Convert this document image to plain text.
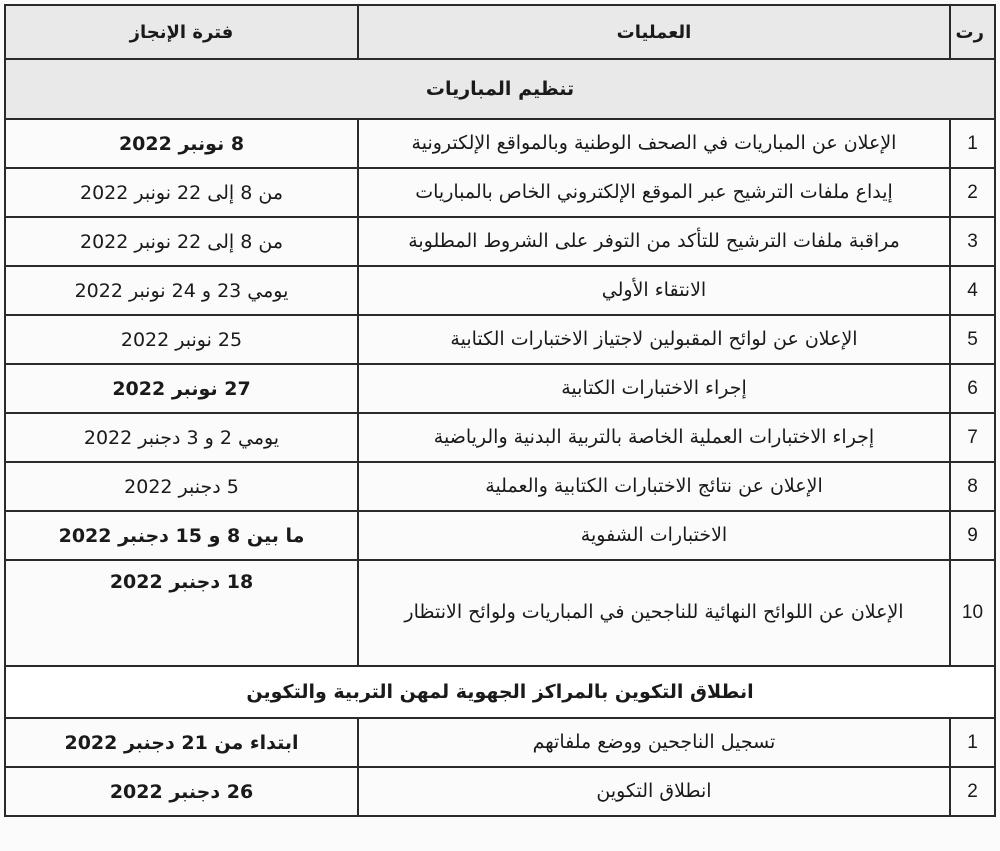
رت	العمليات	فترة الإنجاز
تنظيم المباريات		
1	الإعلان عن المباريات في الصحف الوطنية وبالمواقع الإلكترونية	8 نونبر 2022
2	إيداع ملفات الترشيح عبر الموقع الإلكتروني الخاص بالمباريات	من 8 إلى 22 نونبر 2022
3	مراقبة ملفات الترشيح للتأكد من التوفر على الشروط المطلوبة	من 8 إلى 22 نونبر 2022
4	الانتقاء الأولي	يومي 23 و 24 نونبر 2022
5	الإعلان عن لوائح المقبولين لاجتياز الاختبارات الكتابية	25 نونبر 2022
6	إجراء الاختبارات الكتابية	27 نونبر 2022
7	إجراء الاختبارات العملية الخاصة بالتربية البدنية والرياضية	يومي 2 و 3 دجنبر 2022
8	الإعلان عن نتائج الاختبارات الكتابية والعملية	5 دجنبر 2022
9	الاختبارات الشفوية	ما بين 8 و 15 دجنبر 2022
10	الإعلان عن اللوائح النهائية للناجحين في المباريات ولوائح الانتظار	18 دجنبر 2022
انطلاق التكوين بالمراكز الجهوية لمهن التربية والتكوين		
1	تسجيل الناجحين ووضع ملفاتهم	ابتداء من 21 دجنبر 2022
2	انطلاق التكوين	26 دجنبر 2022
